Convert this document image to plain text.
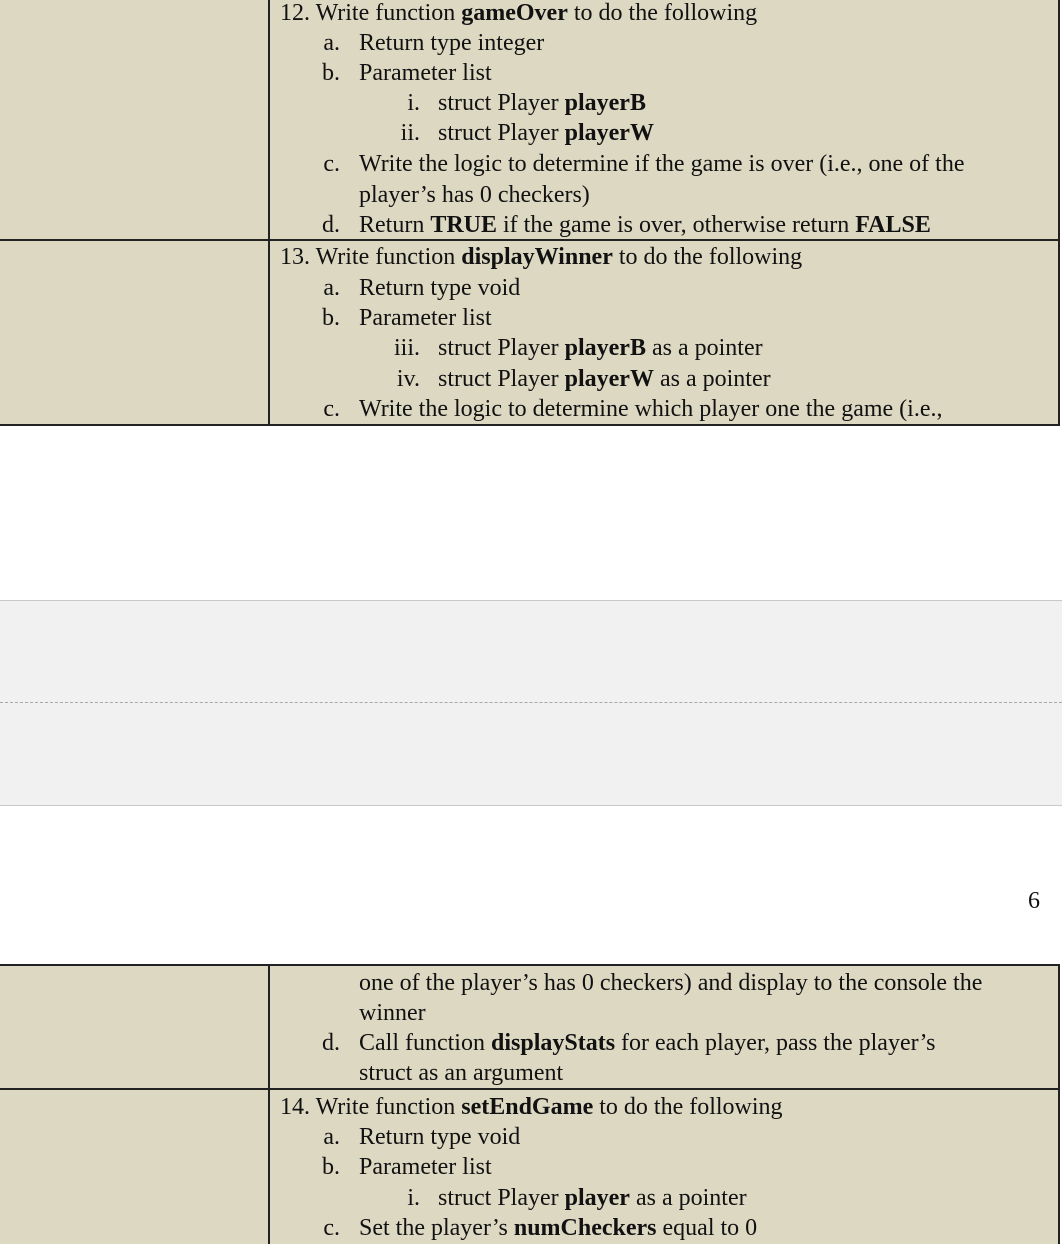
12. Write function gameOver to do the following
a. Return type integer
b. Parameter list
i. struct Player playerB
ii. struct Player playerW
c. Write the logic to determine if the game is over (i.e., one of the
player’s has 0 checkers)
d. Return TRUE if the game is over, otherwise return FALSE
13. Write function displayWinner to do the following
a. Return type void
b. Parameter list
iii. struct Player playerB as a pointer
iv. struct Player playerW as a pointer
c. Write the logic to determine which player one the game (i.e.,
6
one of the player’s has 0 checkers) and display to the console the
winner
d. Call function displayStats for each player, pass the player’s
struct as an argument
14. Write function setEndGame to do the following
a. Return type void
b. Parameter list
i. struct Player player as a pointer
c. Set the player’s numCheckers equal to 0
